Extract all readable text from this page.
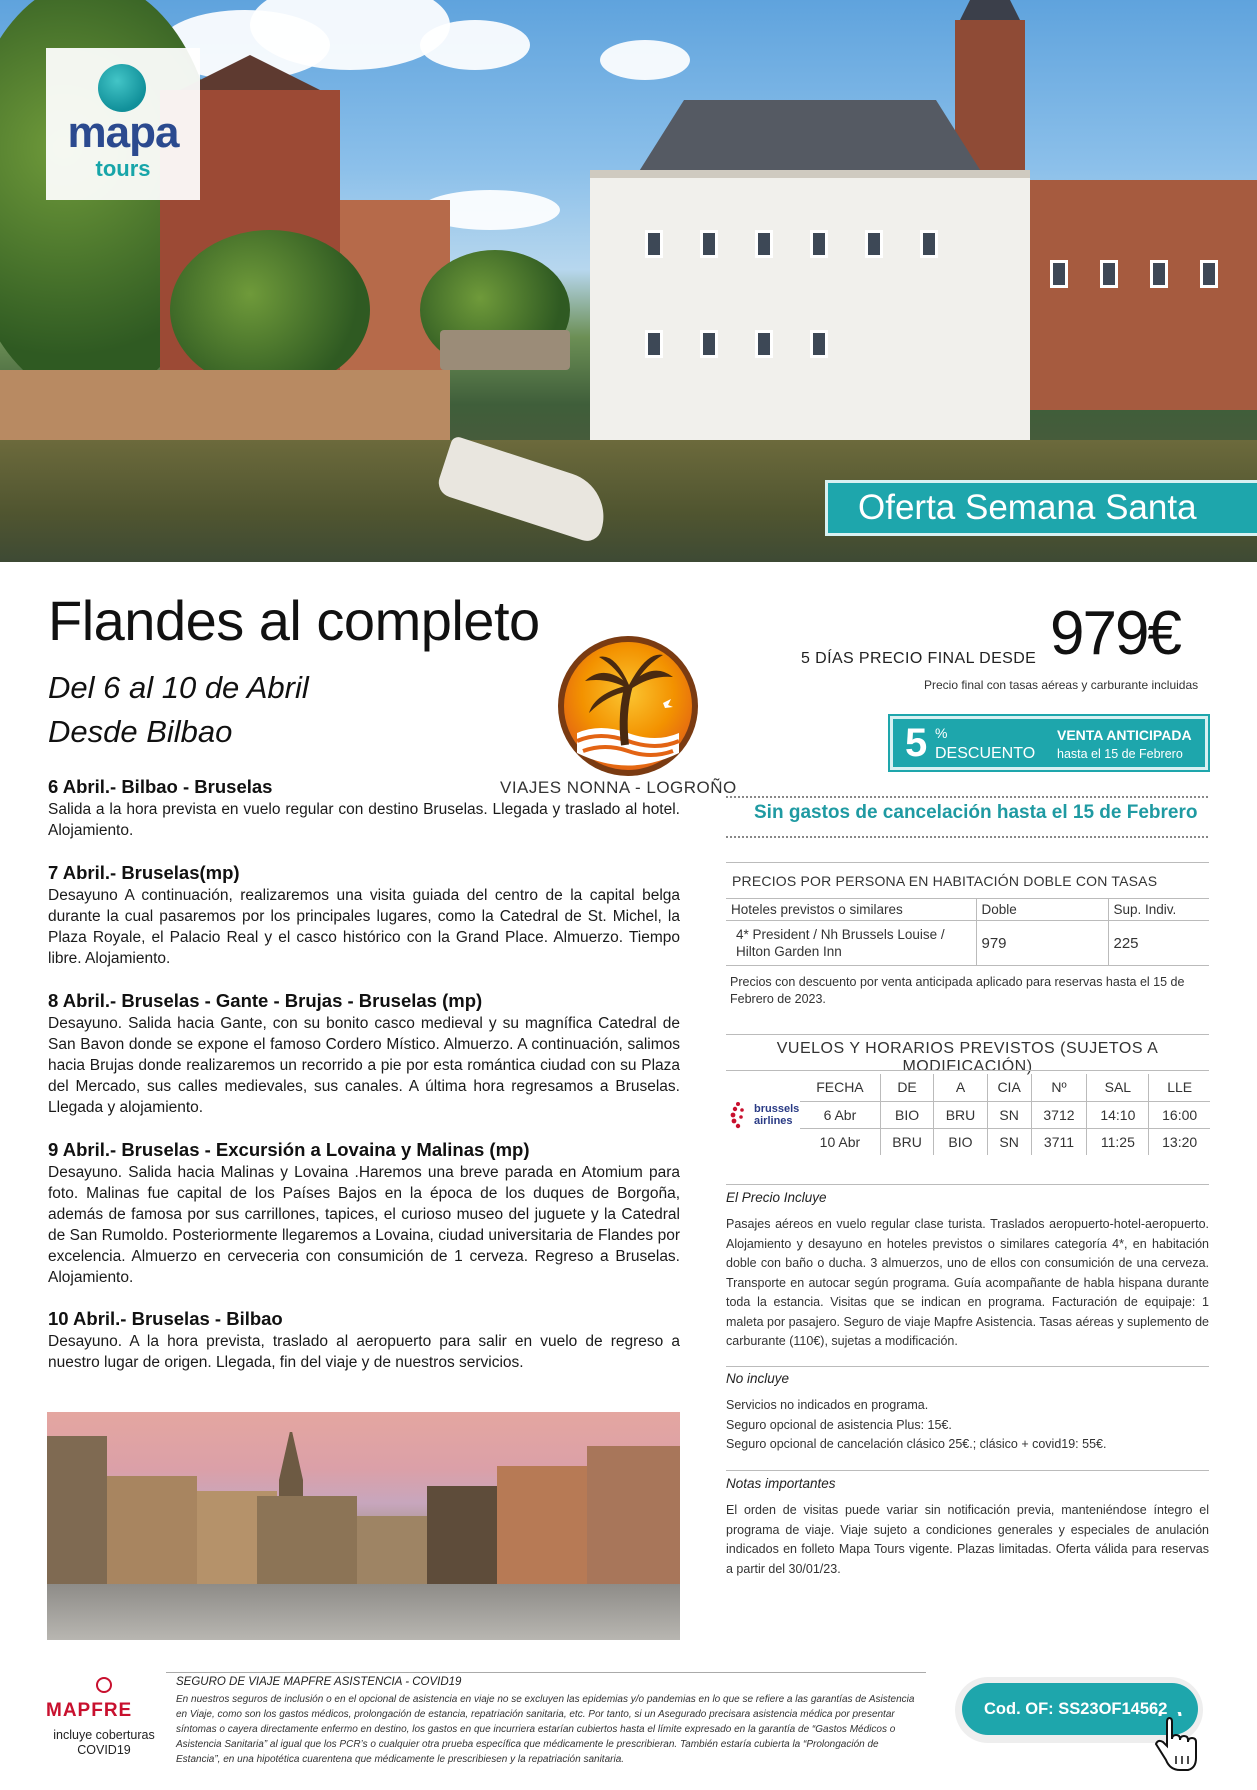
mapa
tours
Oferta Semana Santa
Flandes al completo
Del 6 al 10 de Abril
Desde Bilbao
VIAJES NONNA - LOGROÑO
5 DÍAS PRECIO FINAL DESDE 979€
Precio final con tasas aéreas y carburante incluidas
5 %
DESCUENTO
VENTA ANTICIPADA
hasta el 15 de Febrero
Sin gastos de cancelación hasta el 15 de Febrero
6 Abril.- Bilbao - Bruselas

Salida a la hora prevista en vuelo regular con destino Bruselas. Llegada y traslado al hotel. Alojamiento.

7 Abril.- Bruselas(mp)

Desayuno A continuación, realizaremos una visita guiada del centro de la capital belga durante la cual pasaremos por los principales lugares, como la Catedral de St. Michel, la Plaza Royale, el Palacio Real y el casco histórico con la Grand Place. Almuerzo. Tiempo libre. Alojamiento.

8 Abril.- Bruselas - Gante - Brujas - Bruselas (mp)

Desayuno. Salida hacia Gante, con su bonito casco medieval y su magnífica Catedral de San Bavon donde se expone el famoso Cordero Místico. Almuerzo. A continuación, salimos hacia Brujas donde realizaremos un recorrido a pie por esta romántica ciudad con su Plaza del Mercado, sus calles medievales, sus canales. A última hora regresamos a Bruselas. Llegada y alojamiento.

9 Abril.- Bruselas - Excursión a Lovaina y Malinas (mp)

Desayuno. Salida hacia Malinas y Lovaina .Haremos una breve parada en Atomium para foto. Malinas fue capital de los Países Bajos en la época de los duques de Borgoña, además de famosa por sus carrillones, tapices, el curioso museo del juguete y la Catedral de San Rumoldo. Posteriormente llegaremos a Lovaina, ciudad universitaria de Flandes por excelencia. Almuerzo en cerveceria con consumición de 1 cerveza. Regreso a Bruselas. Alojamiento.

10 Abril.- Bruselas - Bilbao

Desayuno. A la hora prevista, traslado al aeropuerto para salir en vuelo de regreso a nuestro lugar de origen. Llegada, fin del viaje y de nuestros servicios.

PRECIOS POR PERSONA EN HABITACIÓN DOBLE CON TASAS
Hoteles previstos o similares	Doble	Sup. Indiv.
4* President / Nh Brussels Louise / Hilton Garden Inn	979	225
Precios con descuento por venta anticipada aplicado para reservas hasta el 15 de Febrero de 2023.
VUELOS Y HORARIOS PREVISTOS (SUJETOS A MODIFICACIÓN)
brussels
airlines
FECHA	DE	A	CIA	Nº	SAL	LLE
6 Abr	BIO	BRU	SN	3712	14:10	16:00
10 Abr	BRU	BIO	SN	3711	11:25	13:20
El Precio Incluye
Pasajes aéreos en vuelo regular clase turista. Traslados aeropuerto-hotel-aeropuerto. Alojamiento y desayuno en hoteles previstos o similares categoría 4*, en habitación doble con baño o ducha. 3 almuerzos, uno de ellos con consumición de una cerveza. Transporte en autocar según programa. Guía acompañante de habla hispana durante toda la estancia. Visitas que se indican en programa. Facturación de equipaje: 1 maleta por pasajero. Seguro de viaje Mapfre Asistencia. Tasas aéreas y suplemento de carburante (110€), sujetas a modificación.
No incluye
Servicios no indicados en programa.
Seguro opcional de asistencia Plus: 15€.
Seguro opcional de cancelación clásico 25€.; clásico + covid19: 55€.
Notas importantes
El orden de visitas puede variar sin notificación previa, manteniéndose íntegro el programa de viaje. Viaje sujeto a condiciones generales y especiales de anulación indicados en folleto Mapa Tours vigente. Plazas limitadas. Oferta válida para reservas a partir del 30/01/23.
MAPFRE
incluye coberturas COVID19
SEGURO DE VIAJE MAPFRE ASISTENCIA - COVID19
En nuestros seguros de inclusión o en el opcional de asistencia en viaje no se excluyen las epidemias y/o pandemias en lo que se refiere a las garantías de Asistencia en Viaje, como son los gastos médicos, prolongación de estancia, repatriación sanitaria, etc. Por tanto, si un Asegurado precisara asistencia médica por presentar síntomas o cayera directamente enfermo en destino, los gastos en que incurriera estarían cubiertos hasta el límite expresado en la garantía de “Gastos Médicos o Asistencia Sanitaria” al igual que los PCR’s o cualquier otra prueba específica que médicamente le prescribieran. También estaría cubierta la “Prolongación de Estancia”, en una hipotética cuarentena que médicamente le prescribiesen y la repatriación sanitaria.
Cod. OF: SS23OF14562
